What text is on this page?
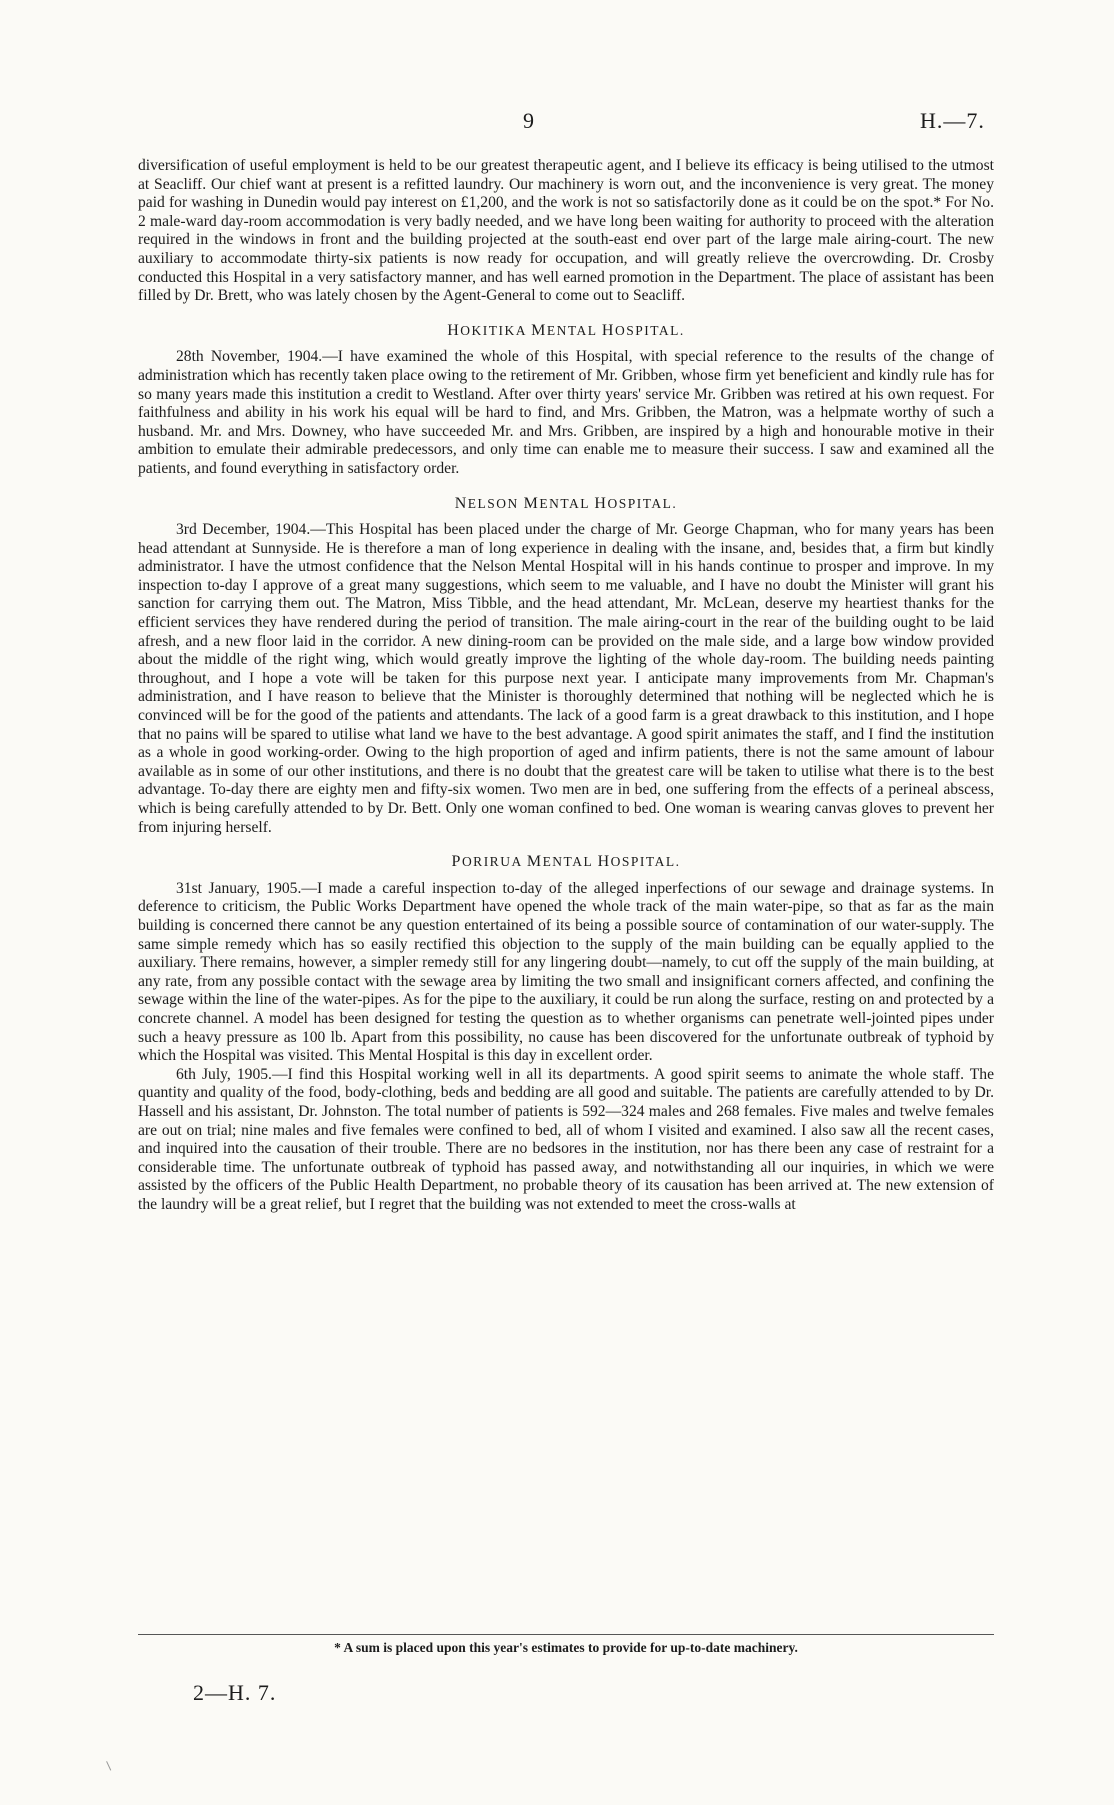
9	H.—7.

diversification of useful employment is held to be our greatest therapeutic agent, and I believe its efficacy is being utilised to the utmost at Seacliff. Our chief want at present is a refitted laundry. Our machinery is worn out, and the inconvenience is very great. The money paid for washing in Dunedin would pay interest on £1,200, and the work is not so satisfactorily done as it could be on the spot.* For No. 2 male-ward day-room accommodation is very badly needed, and we have long been waiting for authority to proceed with the alteration required in the windows in front and the building projected at the south-east end over part of the large male airing-court. The new auxiliary to accommodate thirty-six patients is now ready for occupation, and will greatly relieve the overcrowding. Dr. Crosby conducted this Hospital in a very satisfactory manner, and has well earned promotion in the Department. The place of assistant has been filled by Dr. Brett, who was lately chosen by the Agent-General to come out to Seacliff.

HOKITIKA MENTAL HOSPITAL.

28th November, 1904.—I have examined the whole of this Hospital, with special reference to the results of the change of administration which has recently taken place owing to the retirement of Mr. Gribben, whose firm yet beneficient and kindly rule has for so many years made this institution a credit to Westland. After over thirty years' service Mr. Gribben was retired at his own request. For faithfulness and ability in his work his equal will be hard to find, and Mrs. Gribben, the Matron, was a helpmate worthy of such a husband. Mr. and Mrs. Downey, who have succeeded Mr. and Mrs. Gribben, are inspired by a high and honourable motive in their ambition to emulate their admirable predecessors, and only time can enable me to measure their success. I saw and examined all the patients, and found everything in satisfactory order.

NELSON MENTAL HOSPITAL.

3rd December, 1904.—This Hospital has been placed under the charge of Mr. George Chapman, who for many years has been head attendant at Sunnyside. He is therefore a man of long experience in dealing with the insane, and, besides that, a firm but kindly administrator. I have the utmost confidence that the Nelson Mental Hospital will in his hands continue to prosper and improve. In my inspection to-day I approve of a great many suggestions, which seem to me valuable, and I have no doubt the Minister will grant his sanction for carrying them out. The Matron, Miss Tibble, and the head attendant, Mr. McLean, deserve my heartiest thanks for the efficient services they have rendered during the period of transition. The male airing-court in the rear of the building ought to be laid afresh, and a new floor laid in the corridor. A new dining-room can be provided on the male side, and a large bow window provided about the middle of the right wing, which would greatly improve the lighting of the whole day-room. The building needs painting throughout, and I hope a vote will be taken for this purpose next year. I anticipate many improvements from Mr. Chapman's administration, and I have reason to believe that the Minister is thoroughly determined that nothing will be neglected which he is convinced will be for the good of the patients and attendants. The lack of a good farm is a great drawback to this institution, and I hope that no pains will be spared to utilise what land we have to the best advantage. A good spirit animates the staff, and I find the institution as a whole in good working-order. Owing to the high proportion of aged and infirm patients, there is not the same amount of labour available as in some of our other institutions, and there is no doubt that the greatest care will be taken to utilise what there is to the best advantage. To-day there are eighty men and fifty-six women. Two men are in bed, one suffering from the effects of a perineal abscess, which is being carefully attended to by Dr. Bett. Only one woman confined to bed. One woman is wearing canvas gloves to prevent her from injuring herself.

PORIRUA MENTAL HOSPITAL.

31st January, 1905.—I made a careful inspection to-day of the alleged inperfections of our sewage and drainage systems. In deference to criticism, the Public Works Department have opened the whole track of the main water-pipe, so that as far as the main building is concerned there cannot be any question entertained of its being a possible source of contamination of our water-supply. The same simple remedy which has so easily rectified this objection to the supply of the main building can be equally applied to the auxiliary. There remains, however, a simpler remedy still for any lingering doubt—namely, to cut off the supply of the main building, at any rate, from any possible contact with the sewage area by limiting the two small and insignificant corners affected, and confining the sewage within the line of the water-pipes. As for the pipe to the auxiliary, it could be run along the surface, resting on and protected by a concrete channel. A model has been designed for testing the question as to whether organisms can penetrate well-jointed pipes under such a heavy pressure as 100 lb. Apart from this possibility, no cause has been discovered for the unfortunate outbreak of typhoid by which the Hospital was visited. This Mental Hospital is this day in excellent order.

6th July, 1905.—I find this Hospital working well in all its departments. A good spirit seems to animate the whole staff. The quantity and quality of the food, body-clothing, beds and bedding are all good and suitable. The patients are carefully attended to by Dr. Hassell and his assistant, Dr. Johnston. The total number of patients is 592—324 males and 268 females. Five males and twelve females are out on trial; nine males and five females were confined to bed, all of whom I visited and examined. I also saw all the recent cases, and inquired into the causation of their trouble. There are no bedsores in the institution, nor has there been any case of restraint for a considerable time. The unfortunate outbreak of typhoid has passed away, and notwithstanding all our inquiries, in which we were assisted by the officers of the Public Health Department, no probable theory of its causation has been arrived at. The new extension of the laundry will be a great relief, but I regret that the building was not extended to meet the cross-walls at

* A sum is placed upon this year's estimates to provide for up-to-date machinery.
2—H. 7.
